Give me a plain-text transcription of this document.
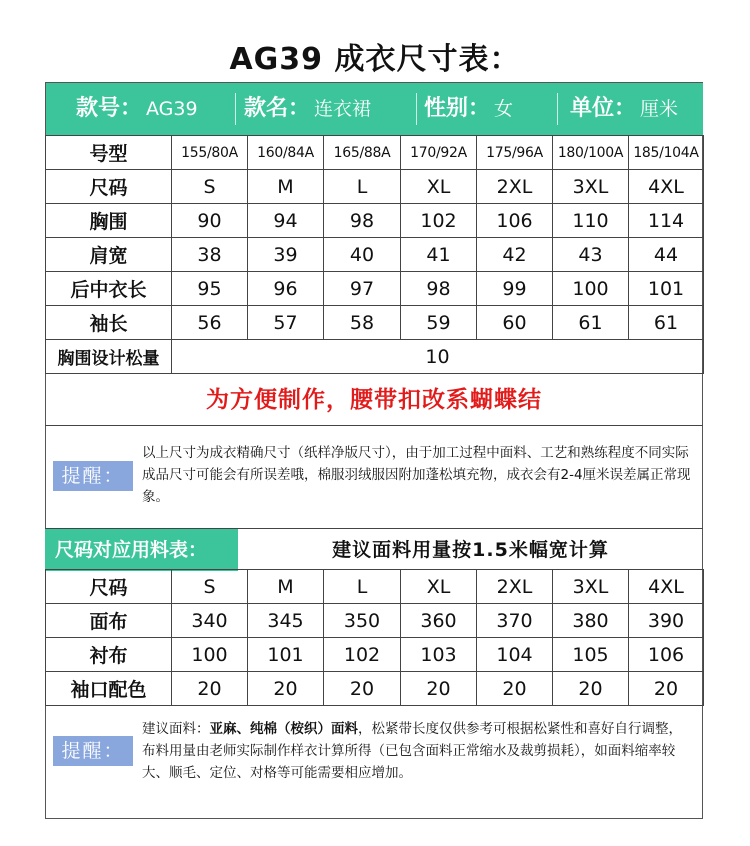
AG39 成衣尺寸表：
款号： AG39 款名： 连衣裙 性别： 女	单位： 厘米
号型	155/80A	160/84A	165/88A	170/92A	175/96A	180/100A	185/104A
尺码	S	M	L	XL	2XL	3XL	4XL
胸围	90	94	98	102	106	110	114
肩宽	38	39	40	41	42	43	44
后中衣长	95	96	97	98	99	100	101
袖长	56	57	58	59	60	61	61
胸围设计松量	10						
为方便制作，腰带扣改系蝴蝶结
提醒：
以上尺寸为成衣精确尺寸（纸样净版尺寸），由于加工过程中面料、工艺和熟练程度不同实际成品尺寸可能会有所误差哦，棉服羽绒服因附加蓬松填充物，成衣会有2-4厘米误差属正常现象。
尺码对应用料表：	建议面料用量按1.5米幅宽计算
尺码	S	M	L	XL	2XL	3XL	4XL
面布	340	345	350	360	370	380	390
衬布	100	101	102	103	104	105	106
袖口配色	20	20	20	20	20	20	20
提醒：
建议面料：亚麻、纯棉（桉织）面料，松紧带长度仅供参考可根据松紧性和喜好自行调整，布料用量由老师实际制作样衣计算所得（已包含面料正常缩水及裁剪损耗），如面料缩率较大、顺毛、定位、对格等可能需要相应增加。
